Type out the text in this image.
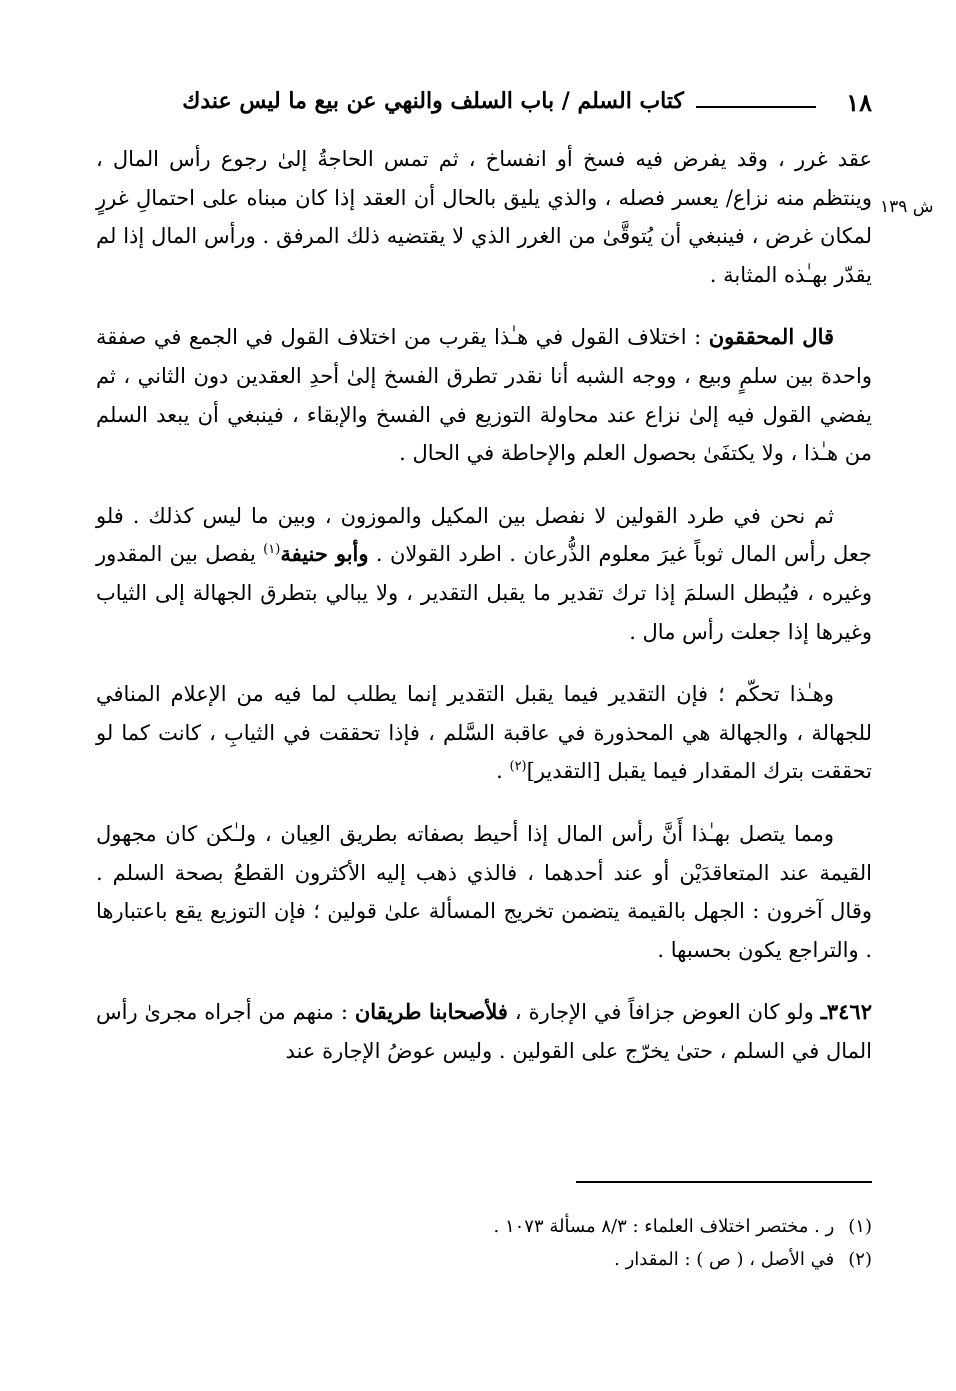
١٨
كتاب السلم / باب السلف والنهي عن بيع ما ليس عندك
ش ١٣٩

عقد غرر ، وقد يفرض فيه فسخ أو انفساخ ، ثم تمس الحاجةُ إلىٰ رجوع رأس المال ، وينتظم منه نزاع/ يعسر فصله ، والذي يليق بالحال أن العقد إذا كان مبناه على احتمالِ غررٍ لمكان غرض ، فينبغي أن يُتوقَّىٰ من الغرر الذي لا يقتضيه ذلك المرفق . ورأس المال إذا لم يقدّر بهـٰذه المثابة .

قال المحققون : اختلاف القول في هـٰذا يقرب من اختلاف القول في الجمع في صفقة واحدة بين سلمٍ وبيع ، ووجه الشبه أنا نقدر تطرق الفسخ إلىٰ أحدِ العقدين دون الثاني ، ثم يفضي القول فيه إلىٰ نزاع عند محاولة التوزيع في الفسخ والإبقاء ، فينبغي أن يبعد السلم من هـٰذا ، ولا يكتفَىٰ بحصول العلم والإحاطة في الحال .

ثم نحن في طرد القولين لا نفصل بين المكيل والموزون ، وبين ما ليس كذلك . فلو جعل رأس المال ثوباً غيرَ معلوم الذُّرعان . اطرد القولان . وأبو حنيفة$^{(١)}$ يفصل بين المقدور وغيره ، فيُبطل السلمَ إذا ترك تقدير ما يقبل التقدير ، ولا يبالي بتطرق الجهالة إلى الثياب وغيرها إذا جعلت رأس مال .

وهـٰذا تحكّم ؛ فإن التقدير فيما يقبل التقدير إنما يطلب لما فيه من الإعلام المنافي للجهالة ، والجهالة هي المحذورة في عاقبة السَّلم ، فإذا تحققت في الثيابِ ، كانت كما لو تحققت بترك المقدار فيما يقبل [التقدير]$^{(٢)}$ .

ومما يتصل بهـٰذا أَنَّ رأس المال إذا أحيط بصفاته بطريق العِيان ، ولـٰكن كان مجهول القيمة عند المتعاقدَيْن أو عند أحدهما ، فالذي ذهب إليه الأكثرون القطعُ بصحة السلم . وقال آخرون : الجهل بالقيمة يتضمن تخريج المسألة علىٰ قولين ؛ فإن التوزيع يقع باعتبارها . والتراجع يكون بحسبها .

٣٤٦٢ـ ولو كان العوض جزافاً في الإجارة ، فلأصحابنا طريقان : منهم من أجراه مجرىٰ رأس المال في السلم ، حتىٰ يخرّج على القولين . وليس عوضُ الإجارة عند

(١) ر . مختصر اختلاف العلماء : ٨/٣ مسألة ١٠٧٣ .
(٢) في الأصل ، ( ص ) : المقدار .
